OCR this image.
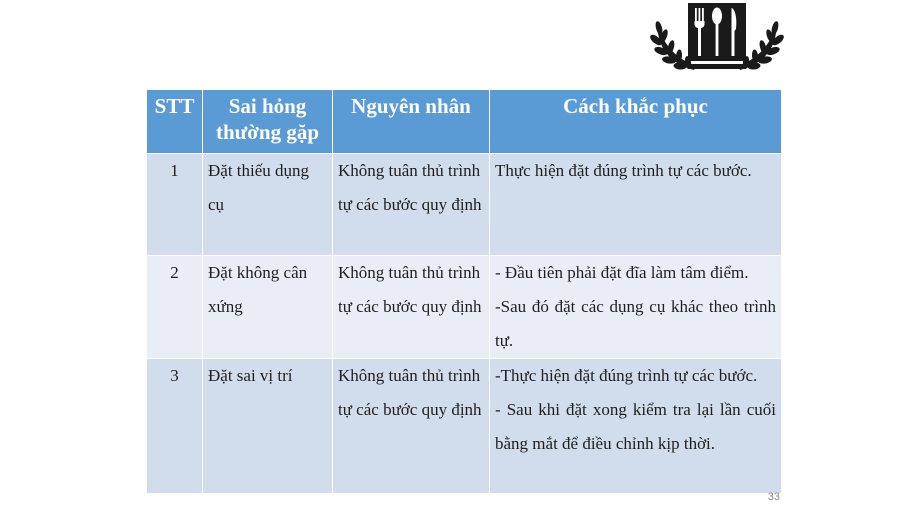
STT	Sai hỏng thường gặp	Nguyên nhân	Cách khắc phục
1	Đặt thiếu dụng cụ	Không tuân thủ trình tự các bước quy định	Thực hiện đặt đúng trình tự các bước.

2	Đặt không cân xứng	Không tuân thủ trình tự các bước quy định	- Đầu tiên phải đặt đĩa làm tâm điểm.
-Sau đó đặt các dụng cụ khác theo trình tự.

3	Đặt sai vị trí	Không tuân thủ trình tự các bước quy định	-Thực hiện đặt đúng trình tự các bước.
- Sau khi đặt xong kiểm tra lại lần cuối bằng mắt để điều chỉnh kịp thời.
33
